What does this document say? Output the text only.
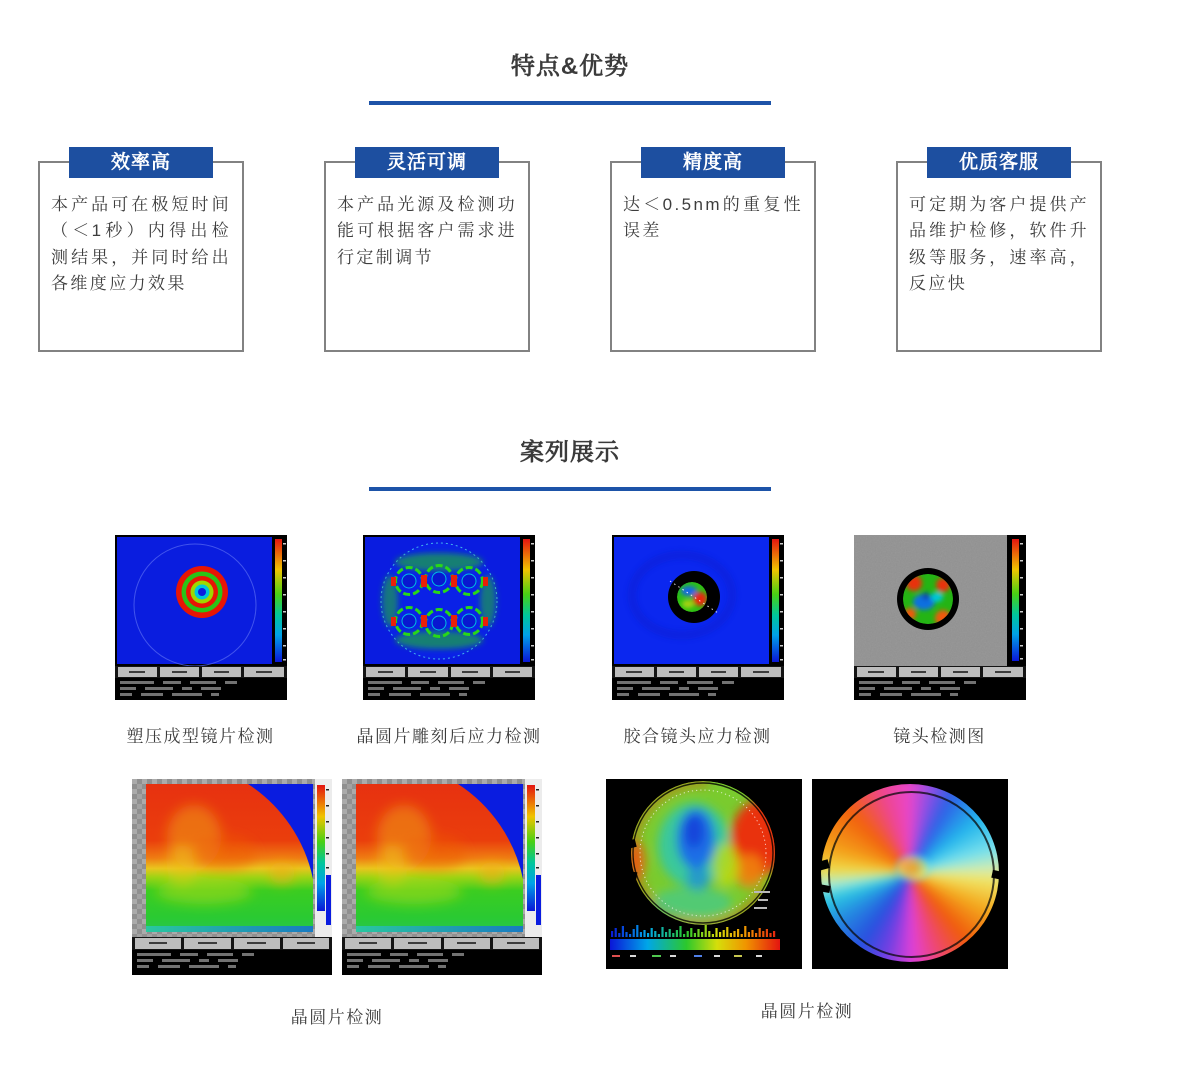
特点&优势
效率高
本产品可在极短时间（＜1秒）内得出检测结果，并同时给出各维度应力效果
灵活可调
本产品光源及检测功能可根据客户需求进行定制调节
精度高
达＜0.5nm的重复性误差
优质客服
可定期为客户提供产品维护检修，软件升级等服务，速率高，反应快
案列展示
塑压成型镜片检测	晶圆片雕刻后应力检测	胶合镜头应力检测	镜头检测图
晶圆片检测	晶圆片检测
